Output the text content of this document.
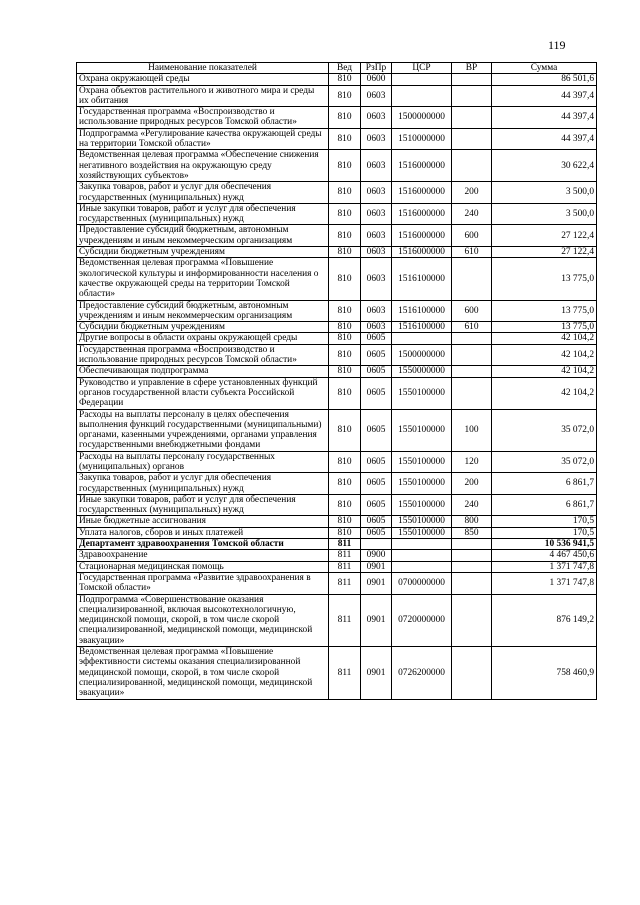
119
Наименование показателей	Вед	РзПр	ЦСР	ВР	Сумма
Охрана окружающей среды	810	0600			86 501,6
Охрана объектов растительного и животного мира и среды их обитания	810	0603			44 397,4
Государственная программа «Воспроизводство и использование природных ресурсов Томской области»	810	0603	1500000000		44 397,4
Подпрограмма «Регулирование качества окружающей среды на территории Томской области»	810	0603	1510000000		44 397,4
Ведомственная целевая программа «Обеспечение снижения негативного воздействия на окружающую среду хозяйствующих субъектов»	810	0603	1516000000		30 622,4
Закупка товаров, работ и услуг для обеспечения государственных (муниципальных) нужд	810	0603	1516000000	200	3 500,0
Иные закупки товаров, работ и услуг для обеспечения государственных (муниципальных) нужд	810	0603	1516000000	240	3 500,0
Предоставление субсидий бюджетным, автономным учреждениям и иным некоммерческим организациям	810	0603	1516000000	600	27 122,4
Субсидии бюджетным учреждениям	810	0603	1516000000	610	27 122,4
Ведомственная целевая программа «Повышение экологической культуры и информированности населения о качестве окружающей среды на территории Томской области»	810	0603	1516100000		13 775,0
Предоставление субсидий бюджетным, автономным учреждениям и иным некоммерческим организациям	810	0603	1516100000	600	13 775,0
Субсидии бюджетным учреждениям	810	0603	1516100000	610	13 775,0
Другие вопросы в области охраны окружающей среды	810	0605			42 104,2
Государственная программа «Воспроизводство и использование природных ресурсов Томской области»	810	0605	1500000000		42 104,2
Обеспечивающая подпрограмма	810	0605	1550000000		42 104,2
Руководство и управление в сфере установленных функций органов государственной власти субъекта Российской Федерации	810	0605	1550100000		42 104,2
Расходы на выплаты персоналу в целях обеспечения выполнения функций государственными (муниципальными) органами, казенными учреждениями, органами управления государственными внебюджетными фондами	810	0605	1550100000	100	35 072,0
Расходы на выплаты персоналу государственных (муниципальных) органов	810	0605	1550100000	120	35 072,0
Закупка товаров, работ и услуг для обеспечения государственных (муниципальных) нужд	810	0605	1550100000	200	6 861,7
Иные закупки товаров, работ и услуг для обеспечения государственных (муниципальных) нужд	810	0605	1550100000	240	6 861,7
Иные бюджетные ассигнования	810	0605	1550100000	800	170,5
Уплата налогов, сборов и иных платежей	810	0605	1550100000	850	170,5
Департамент здравоохранения Томской области	811				10 536 941,5
Здравоохранение	811	0900			4 467 450,6
Стационарная медицинская помощь	811	0901			1 371 747,8
Государственная программа «Развитие здравоохранения в Томской области»	811	0901	0700000000		1 371 747,8
Подпрограмма «Совершенствование оказания специализированной, включая высокотехнологичную, медицинской помощи, скорой, в том числе скорой специализированной, медицинской помощи, медицинской эвакуации»	811	0901	0720000000		876 149,2
Ведомственная целевая программа «Повышение эффективности системы оказания специализированной медицинской помощи, скорой, в том числе скорой специализированной, медицинской помощи, медицинской эвакуации»	811	0901	0726200000		758 460,9
